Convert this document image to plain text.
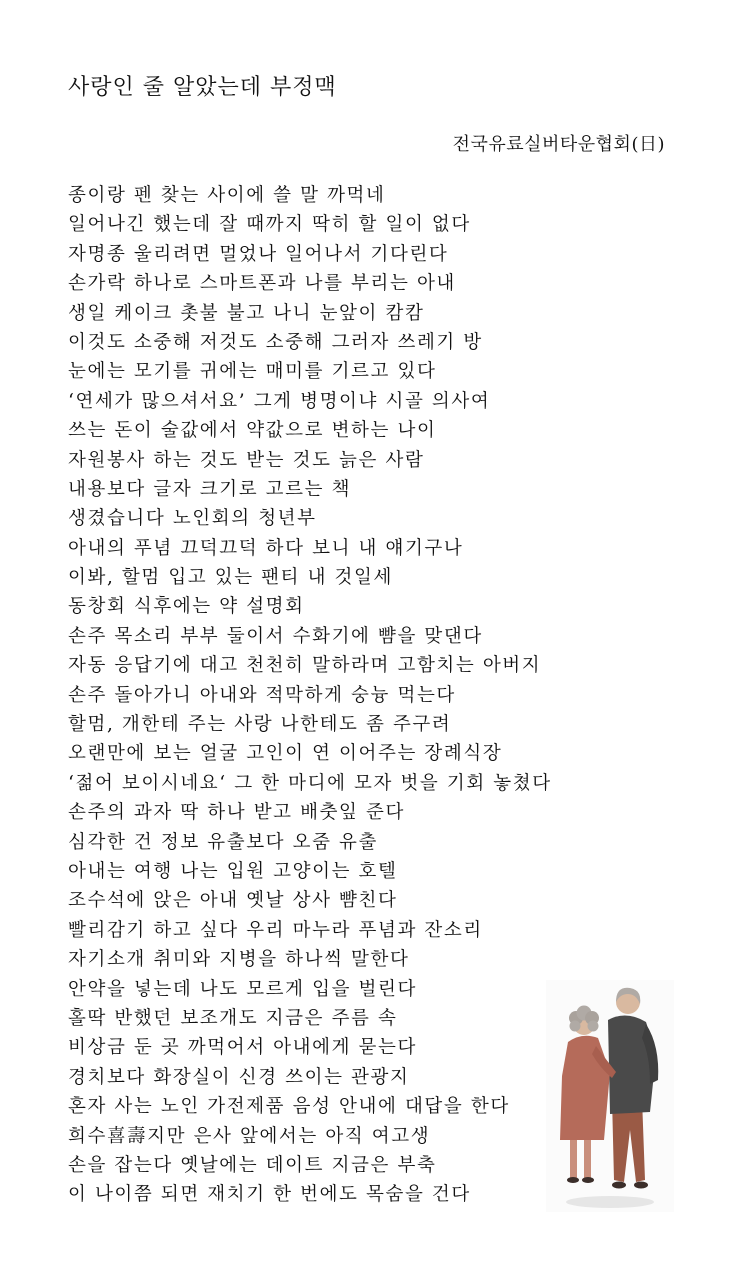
사랑인 줄 알았는데 부정맥
전국유료실버타운협회(日)
종이랑 펜 찾는 사이에 쓸 말 까먹네
일어나긴 했는데 잘 때까지 딱히 할 일이 없다
자명종 울리려면 멀었나 일어나서 기다린다
손가락 하나로 스마트폰과 나를 부리는 아내
생일 케이크 촛불 불고 나니 눈앞이 캄캄
이것도 소중해 저것도 소중해 그러자 쓰레기 방
눈에는 모기를 귀에는 매미를 기르고 있다
‘연세가 많으셔서요’ 그게 병명이냐 시골 의사여
쓰는 돈이 술값에서 약값으로 변하는 나이
자원봉사 하는 것도 받는 것도 늙은 사람
내용보다 글자 크기로 고르는 책
생겼습니다 노인회의 청년부
아내의 푸념 끄덕끄덕 하다 보니 내 얘기구나
이봐, 할멈 입고 있는 팬티 내 것일세
동창회 식후에는 약 설명회
손주 목소리 부부 둘이서 수화기에 뺨을 맞댄다
자동 응답기에 대고 천천히 말하라며 고함치는 아버지
손주 돌아가니 아내와 적막하게 숭늉 먹는다
할멈, 개한테 주는 사랑 나한테도 좀 주구려
오랜만에 보는 얼굴 고인이 연 이어주는 장례식장
‘젊어 보이시네요‘ 그 한 마디에 모자 벗을 기회 놓쳤다
손주의 과자 딱 하나 받고 배춧잎 준다
심각한 건 정보 유출보다 오줌 유출
아내는 여행 나는 입원 고양이는 호텔
조수석에 앉은 아내 옛날 상사 뺨친다
빨리감기 하고 싶다 우리 마누라 푸념과 잔소리
자기소개 취미와 지병을 하나씩 말한다
안약을 넣는데 나도 모르게 입을 벌린다
홀딱 반했던 보조개도 지금은 주름 속
비상금 둔 곳 까먹어서 아내에게 묻는다
경치보다 화장실이 신경 쓰이는 관광지
혼자 사는 노인 가전제품 음성 안내에 대답을 한다
희수喜壽지만 은사 앞에서는 아직 여고생
손을 잡는다 옛날에는 데이트 지금은 부축
이 나이쯤 되면 재치기 한 번에도 목숨을 건다
